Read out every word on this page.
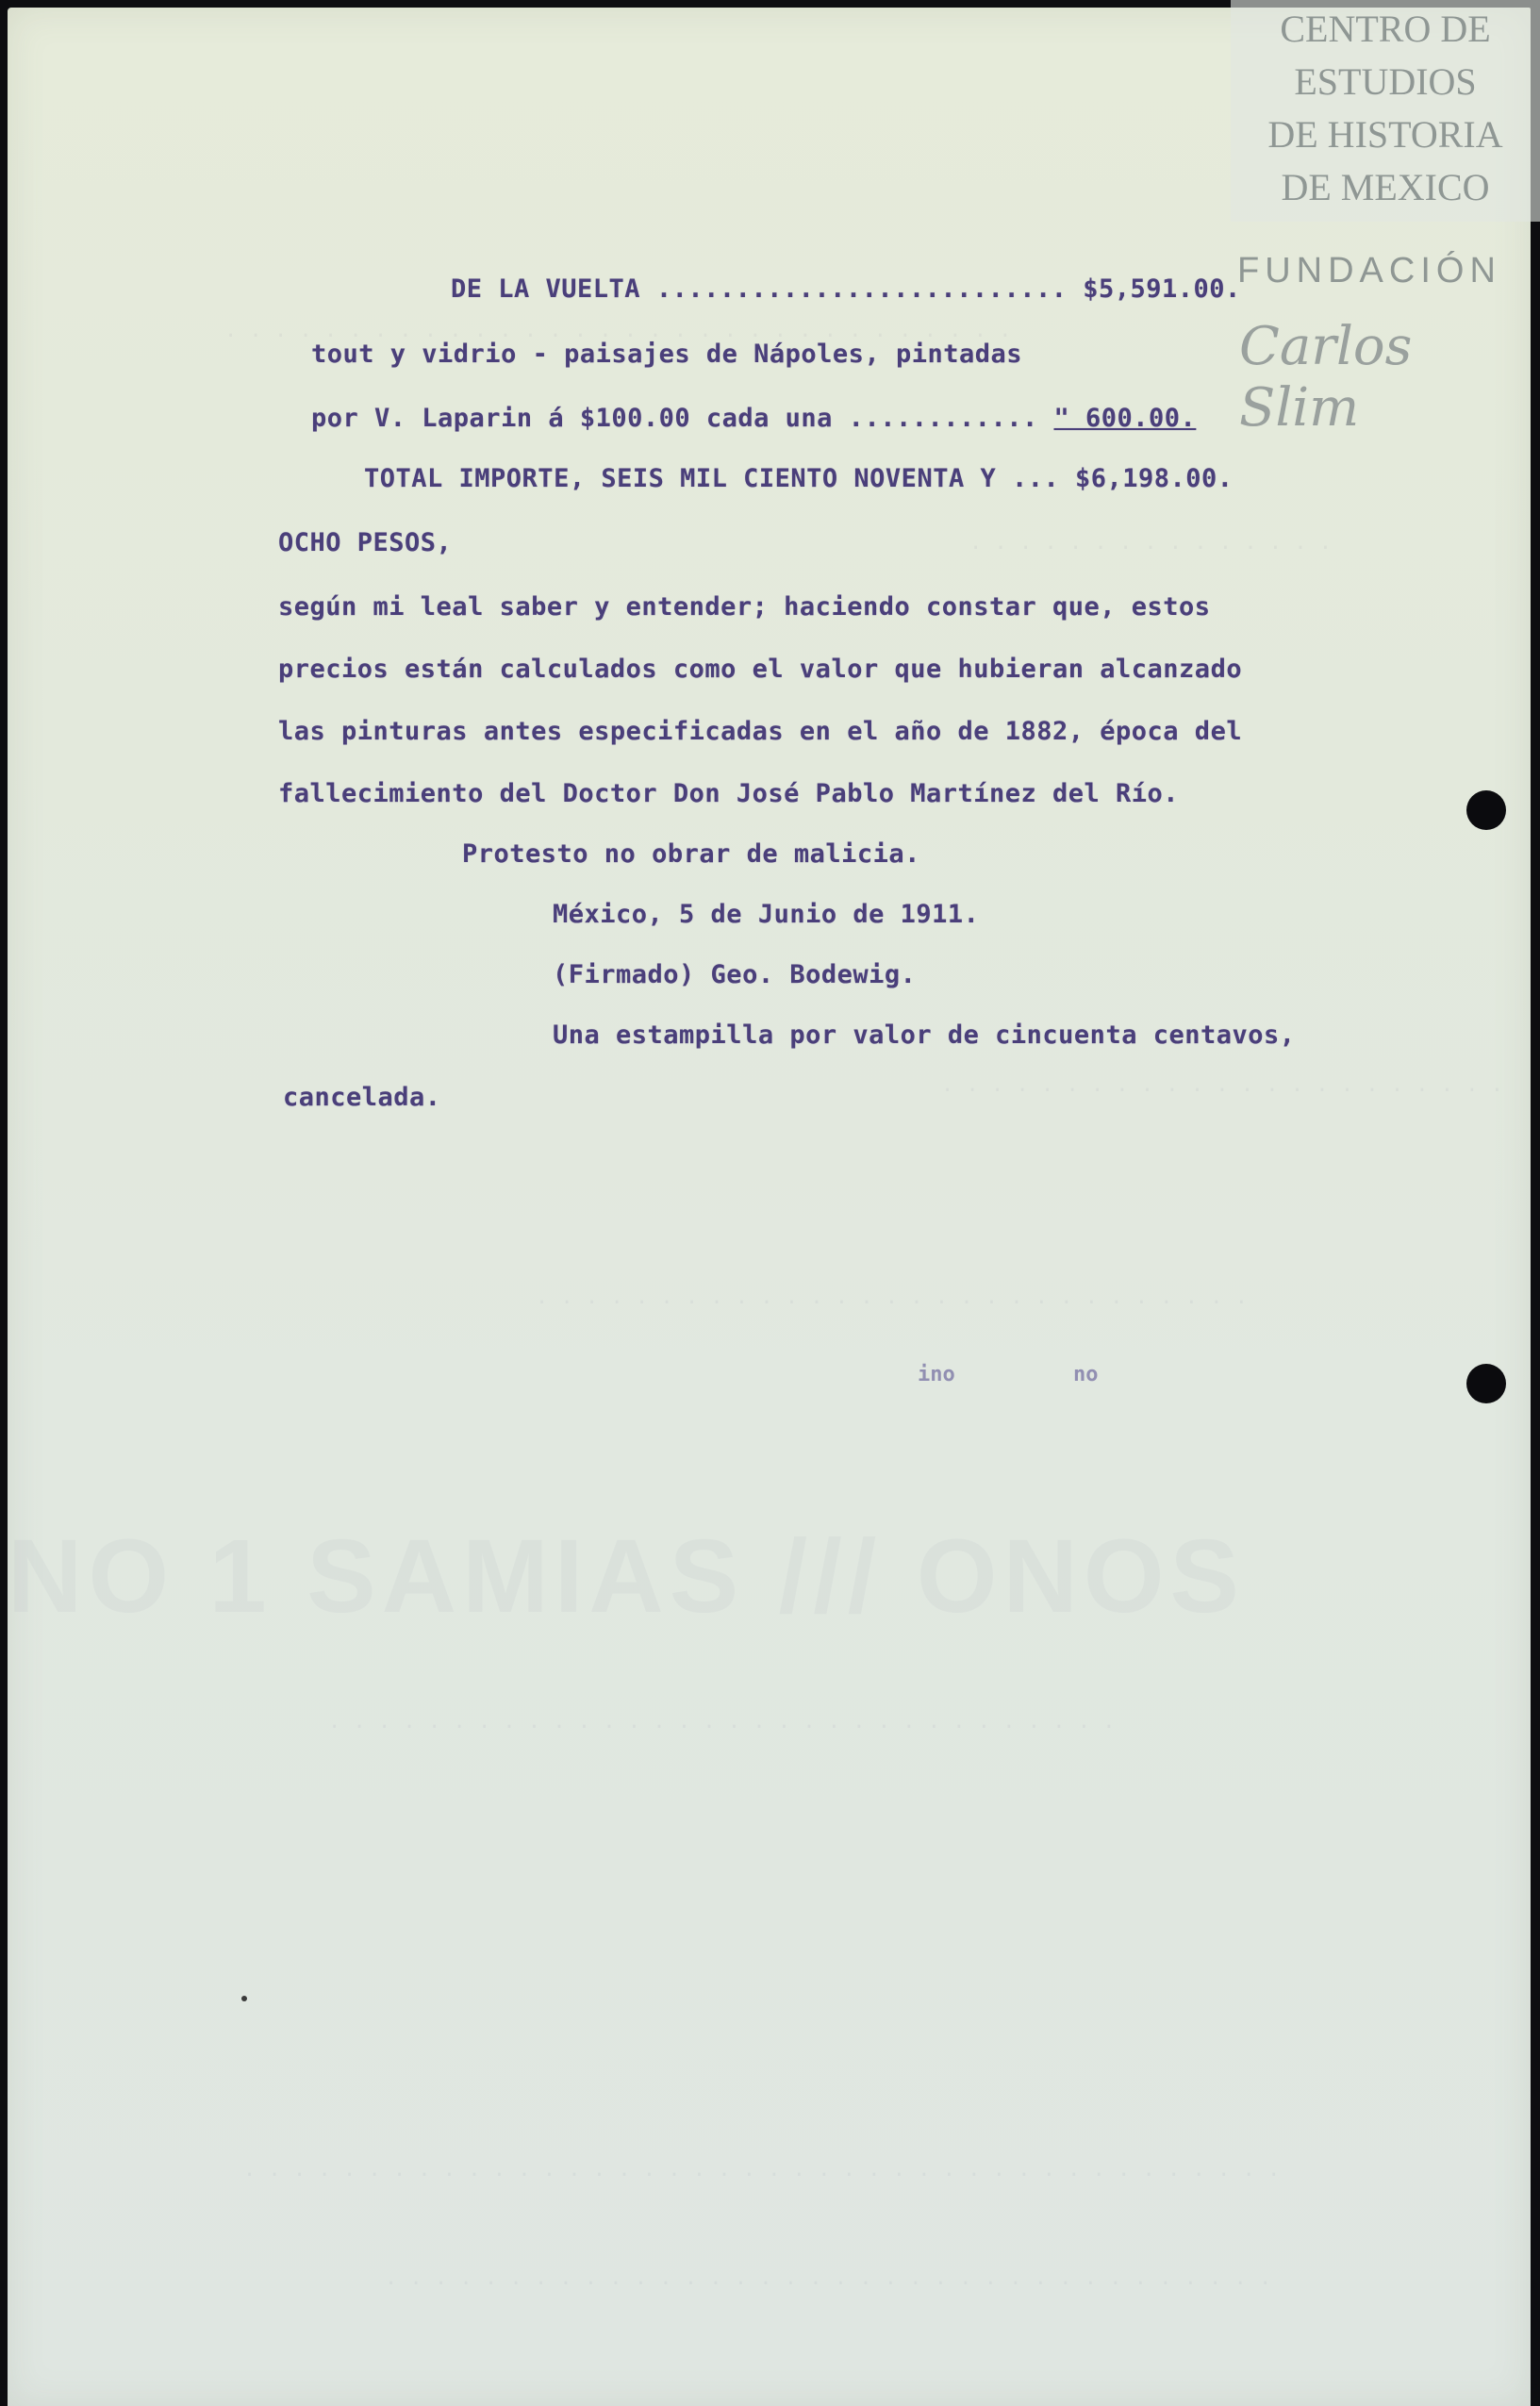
. . . . . . . . . . . . . . . . . . . . . . . . . . . . . . . .
. . . . . . . . . . . . . . .
. . . . . . . . . . . . . . . . . . . . . . .
. . . . . . . . . . . . . . . . . . . . . . . . . . . . .
. . . . . . . . . . . . . . . . . . . . . . . . . . . . . . . .
. . . . . . . . . . . . . . . . . . . . . . . . . . . . . . . . . . . . . . . . . .
. . . . . . . . . . . . . . . . . . . . . . . . . . . . . . . . . . . .
NO 1 SAMIAS /// ONOS
DE LA VUELTA .......................... $5,591.00.
tout y vidrio - paisajes de Nápoles, pintadas
por V. Laparin á $100.00 cada una ............ " 600.00.
TOTAL IMPORTE, SEIS MIL CIENTO NOVENTA Y ... $6,198.00.
OCHO PESOS,
según mi leal saber y entender; haciendo constar que, estos
precios están calculados como el valor que hubieran alcanzado
las pinturas antes especificadas en el año de 1882, época del
fallecimiento del Doctor Don José Pablo Martínez del Río.
Protesto no obrar de malicia.
México, 5 de Junio de 1911.
(Firmado) Geo. Bodewig.
Una estampilla por valor de cincuenta centavos,
cancelada.
ino	no
CENTRO DE
ESTUDIOS
DE HISTORIA
DE MEXICO
FUNDACIÓN
Carlos Slim
